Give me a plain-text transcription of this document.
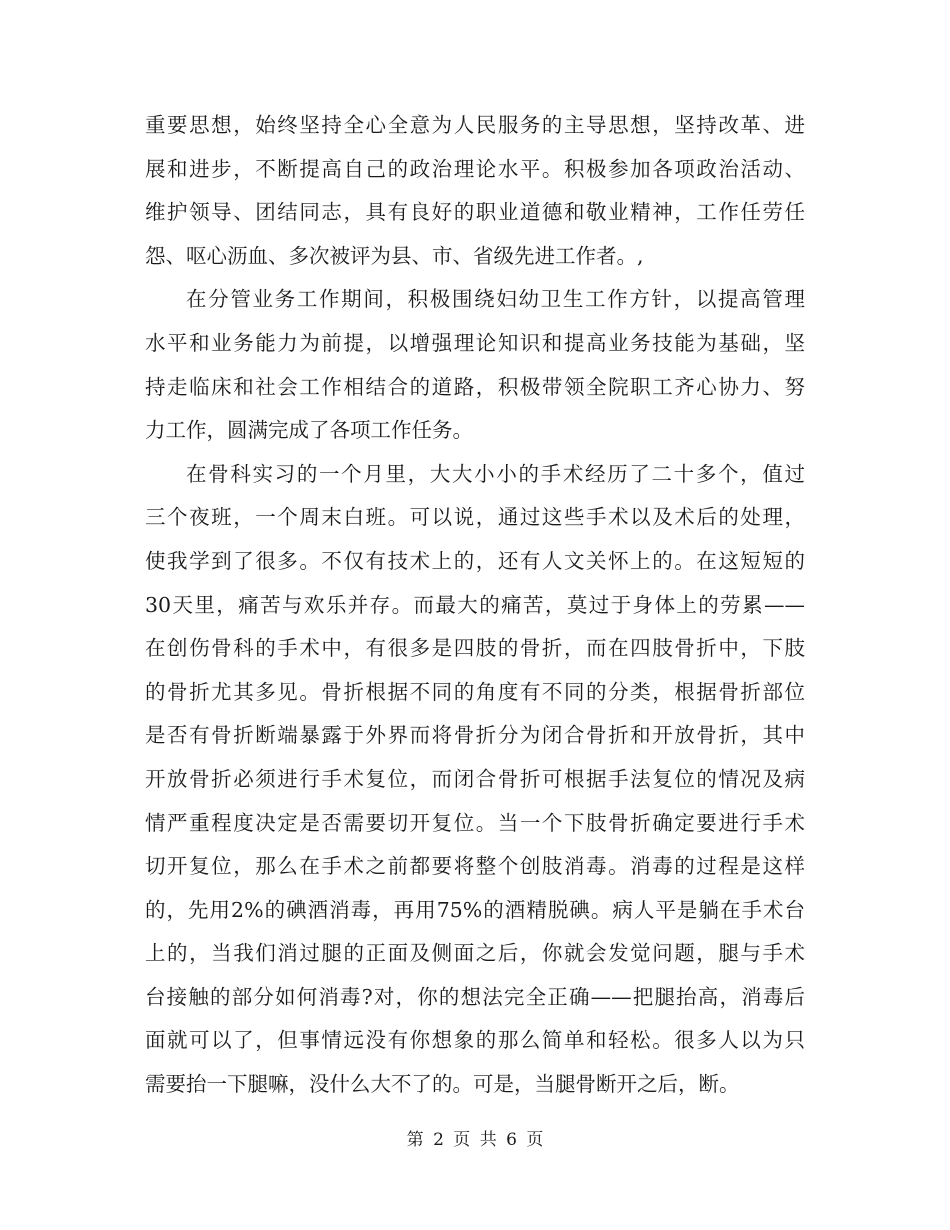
重要思想，始终坚持全心全意为人民服务的主导思想，坚持改革、进
展和进步，不断提高自己的政治理论水平。积极参加各项政治活动、
维护领导、团结同志，具有良好的职业道德和敬业精神，工作任劳任
怨、呕心沥血、多次被评为县、市、省级先进工作者。,
在分管业务工作期间，积极围绕妇幼卫生工作方针，以提高管理
水平和业务能力为前提，以增强理论知识和提高业务技能为基础，坚
持走临床和社会工作相结合的道路，积极带领全院职工齐心协力、努
力工作，圆满完成了各项工作任务。
在骨科实习的一个月里，大大小小的手术经历了二十多个，值过
三个夜班，一个周末白班。可以说，通过这些手术以及术后的处理，
使我学到了很多。不仅有技术上的，还有人文关怀上的。在这短短的
30天里，痛苦与欢乐并存。而最大的痛苦，莫过于身体上的劳累——
在创伤骨科的手术中，有很多是四肢的骨折，而在四肢骨折中，下肢
的骨折尤其多见。骨折根据不同的角度有不同的分类，根据骨折部位
是否有骨折断端暴露于外界而将骨折分为闭合骨折和开放骨折，其中
开放骨折必须进行手术复位，而闭合骨折可根据手法复位的情况及病
情严重程度决定是否需要切开复位。当一个下肢骨折确定要进行手术
切开复位，那么在手术之前都要将整个创肢消毒。消毒的过程是这样
的，先用2%的碘酒消毒，再用75%的酒精脱碘。病人平是躺在手术台
上的，当我们消过腿的正面及侧面之后，你就会发觉问题，腿与手术
台接触的部分如何消毒?对，你的想法完全正确——把腿抬高，消毒后
面就可以了，但事情远没有你想象的那么简单和轻松。很多人以为只
需要抬一下腿嘛，没什么大不了的。可是，当腿骨断开之后，断。
第 2 页 共 6 页
